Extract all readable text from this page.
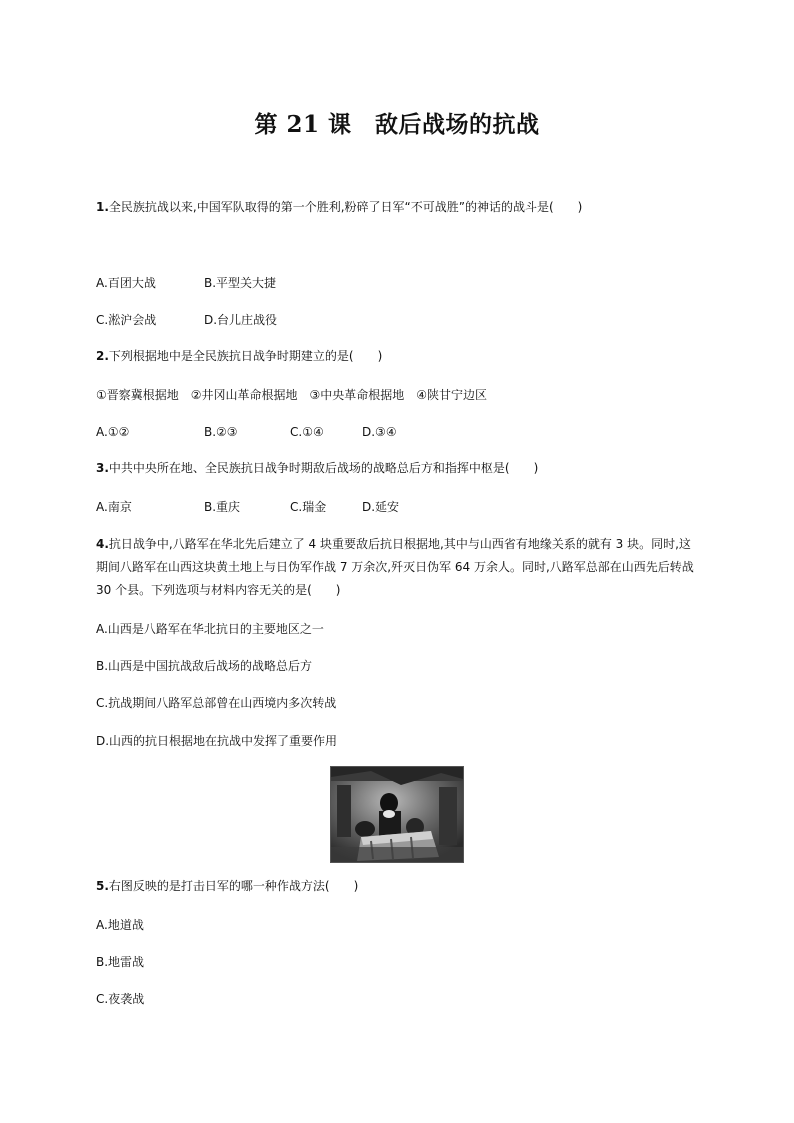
第 21 课　敌后战场的抗战
1.全民族抗战以来,中国军队取得的第一个胜利,粉碎了日军“不可战胜”的神话的战斗是(　　)
A.百团大战	B.平型关大捷
C.淞沪会战	D.台儿庄战役
2.下列根据地中是全民族抗日战争时期建立的是(　　)
①晋察冀根据地 ②井冈山革命根据地 ③中央革命根据地 ④陕甘宁边区
A.①②	B.②③	C.①④	D.③④
3.中共中央所在地、全民族抗日战争时期敌后战场的战略总后方和指挥中枢是(　　)
A.南京	B.重庆	C.瑞金	D.延安
4.抗日战争中,八路军在华北先后建立了 4 块重要敌后抗日根据地,其中与山西省有地缘关系的就有 3 块。同时,这
期间八路军在山西这块黄土地上与日伪军作战 7 万余次,歼灭日伪军 64 万余人。同时,八路军总部在山西先后转战
30 个县。下列选项与材料内容无关的是(　　)
A.山西是八路军在华北抗日的主要地区之一
B.山西是中国抗战敌后战场的战略总后方
C.抗战期间八路军总部曾在山西境内多次转战
D.山西的抗日根据地在抗战中发挥了重要作用
5.右图反映的是打击日军的哪一种作战方法(　　)
A.地道战
B.地雷战
C.夜袭战
